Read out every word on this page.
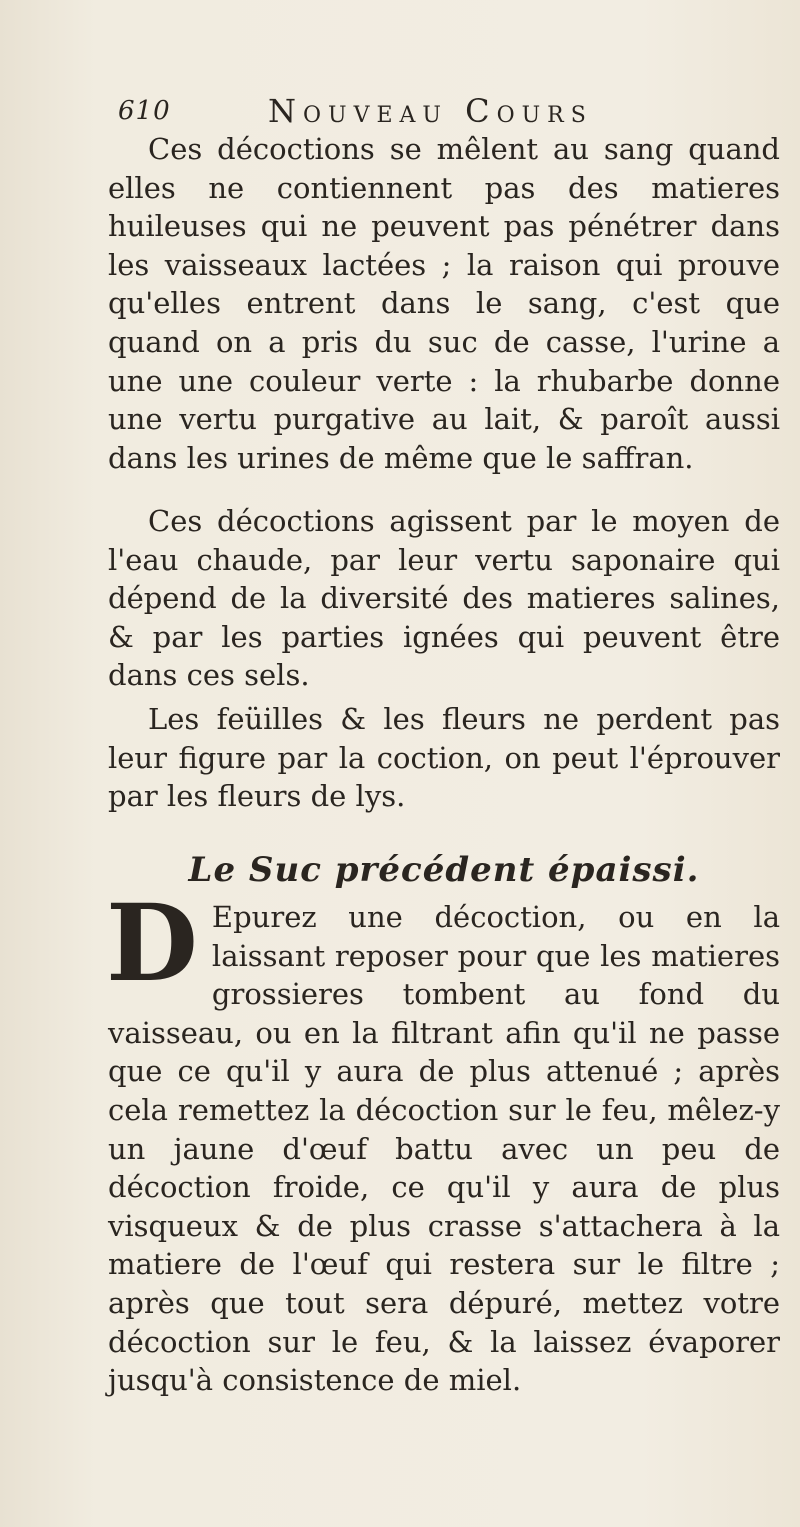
610	Nouveau Cours

Ces décoctions se mêlent au sang quand elles ne contiennent pas des matieres huileuses qui ne peuvent pas pénétrer dans les vaisseaux lactées ; la raison qui prouve qu'elles entrent dans le sang, c'est que quand on a pris du suc de casse, l'urine a une une couleur verte : la rhubarbe donne une vertu purgative au lait, & paroît aussi dans les urines de même que le saffran.

Ces décoctions agissent par le moyen de l'eau chaude, par leur vertu saponaire qui dépend de la diversité des matieres salines, & par les parties ignées qui peuvent être dans ces sels.

Les feüilles & les fleurs ne perdent pas leur figure par la coction, on peut l'éprouver par les fleurs de lys.

Le Suc précédent épaissi.
D Epurez une décoction, ou en la laissant reposer pour que les matieres grossieres tombent au fond du vaisseau, ou en la filtrant afin qu'il ne passe que ce qu'il y aura de plus attenué ; après cela remettez la décoction sur le feu, mêlez-y un jaune d'œuf battu avec un peu de décoction froide, ce qu'il y aura de plus visqueux & de plus crasse s'attachera à la matiere de l'œuf qui restera sur le filtre ; après que tout sera dépuré, mettez votre décoction sur le feu, & la laissez évaporer jusqu'à consistence de miel.
